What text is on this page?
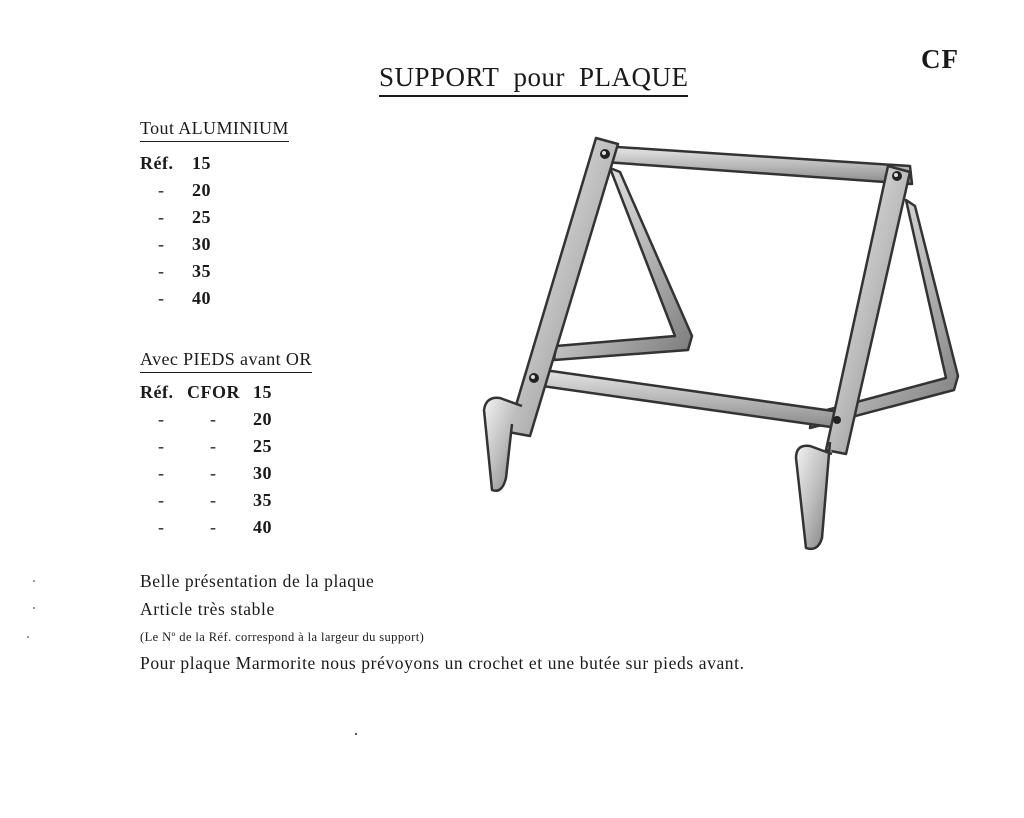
CF
SUPPORT pour PLAQUE
Tout ALUMINIUM
Réf. 15
- 20
- 25
- 30
- 35
- 40
Avec PIEDS avant OR
Réf. CFOR 15
-	- 20
-	- 25
-	- 30
-	- 35
-	- 40
Belle présentation de la plaque
Article très stable
(Le Nº de la Réf. correspond à la largeur du support)
Pour plaque Marmorite nous prévoyons un crochet et une butée sur pieds avant.
